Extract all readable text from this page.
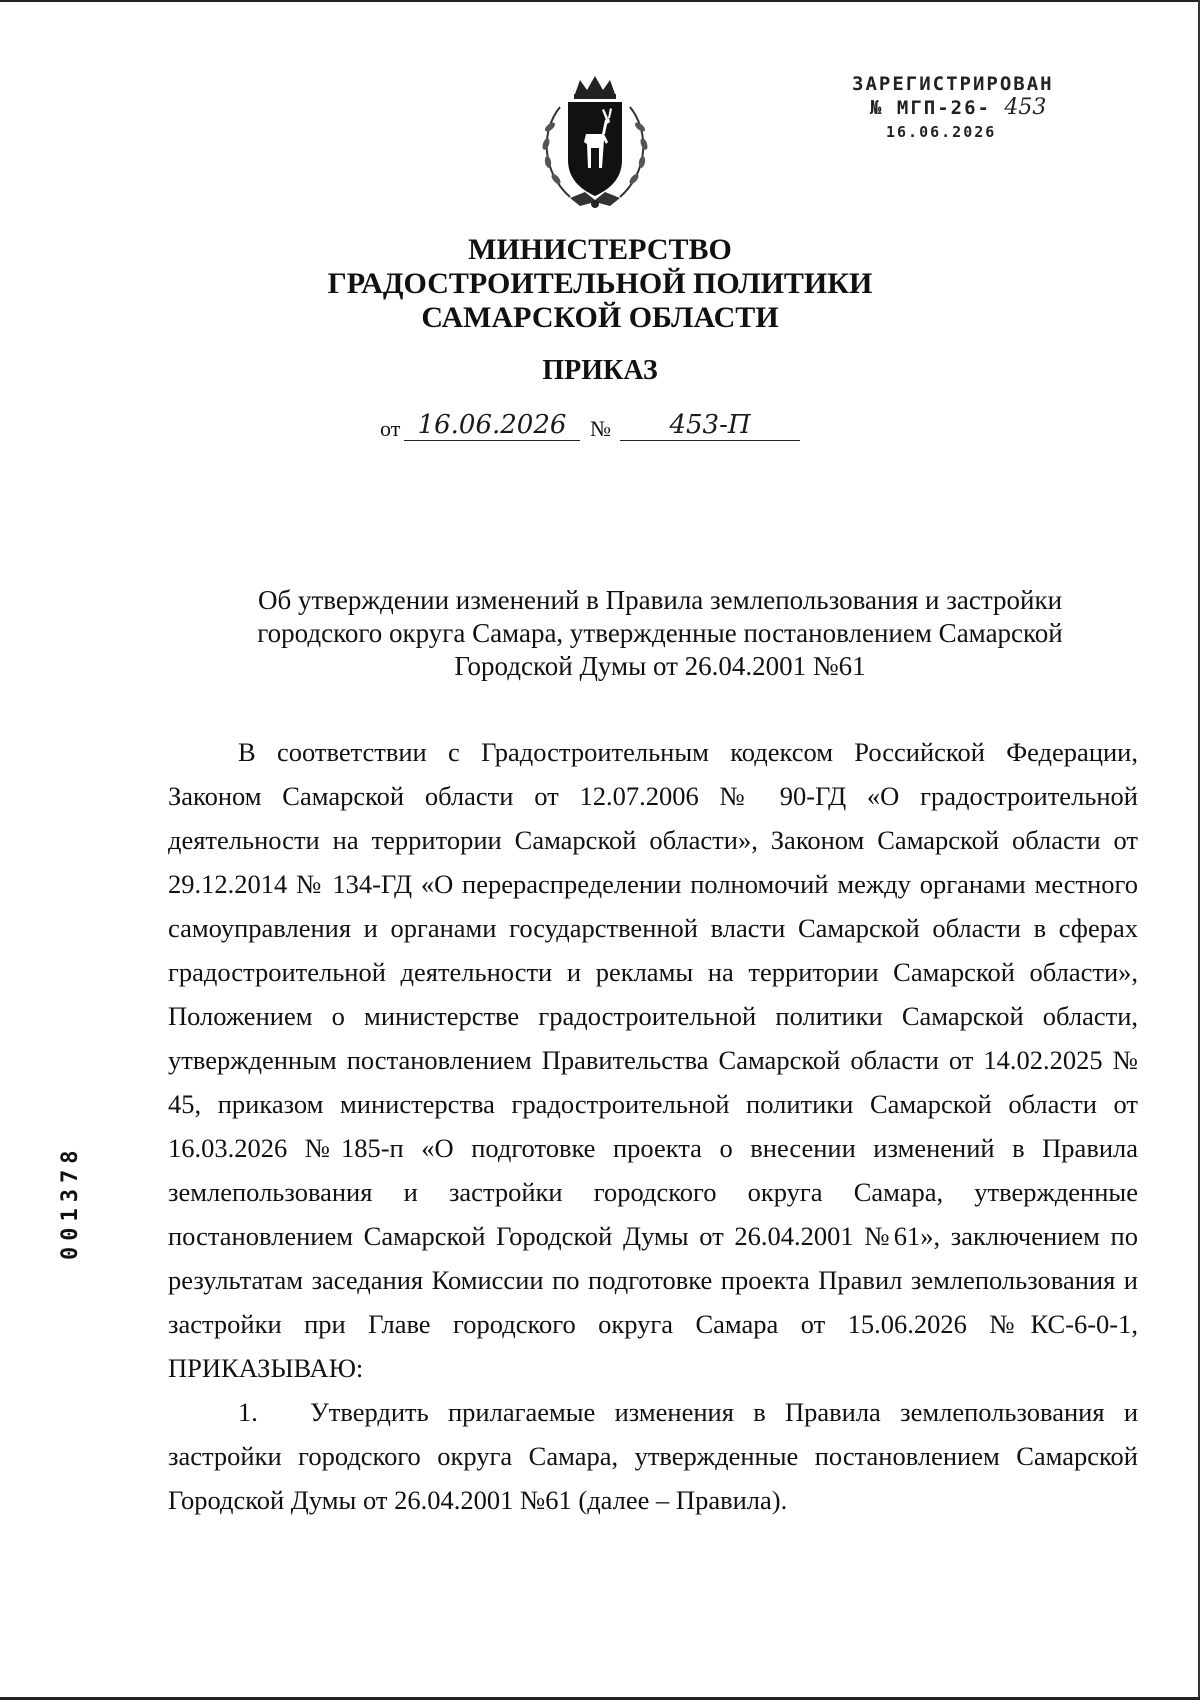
ЗАРЕГИСТРИРОВАН
№ МГП-26- 453
16.06.2026
МИНИСТЕРСТВО
ГРАДОСТРОИТЕЛЬНОЙ ПОЛИТИКИ
САМАРСКОЙ ОБЛАСТИ
ПРИКАЗ
от 16.06.2026	№	453-П
Об утверждении изменений в Правила землепользования и застройки
городского округа Самара, утвержденные постановлением Самарской
Городской Думы от 26.04.2001 №61

В соответствии с Градостроительным кодексом Российской Федерации, Законом Самарской области от 12.07.2006 № 90-ГД «О градостроительной деятельности на территории Самарской области», Законом Самарской области от 29.12.2014 № 134-ГД «О перераспределении полномочий между органами местного самоуправления и органами государственной власти Самарской области в сферах градостроительной деятельности и рекламы на территории Самарской области», Положением о министерстве градостроительной политики Самарской области, утвержденным постановлением Правительства Самарской области от 14.02.2025 № 45, приказом министерства градостроительной политики Самарской области от 16.03.2026 №185-п «О подготовке проекта о внесении изменений в Правила землепользования и застройки городского округа Самара, утвержденные постановлением Самарской Городской Думы от 26.04.2001 №61», заключением по результатам заседания Комиссии по подготовке проекта Правил землепользования и застройки при Главе городского округа Самара от 15.06.2026 №КС-6-0-1, ПРИКАЗЫВАЮ:

1. Утвердить прилагаемые изменения в Правила землепользования и застройки городского округа Самара, утвержденные постановлением Самарской Городской Думы от 26.04.2001 №61 (далее – Правила).

001378
